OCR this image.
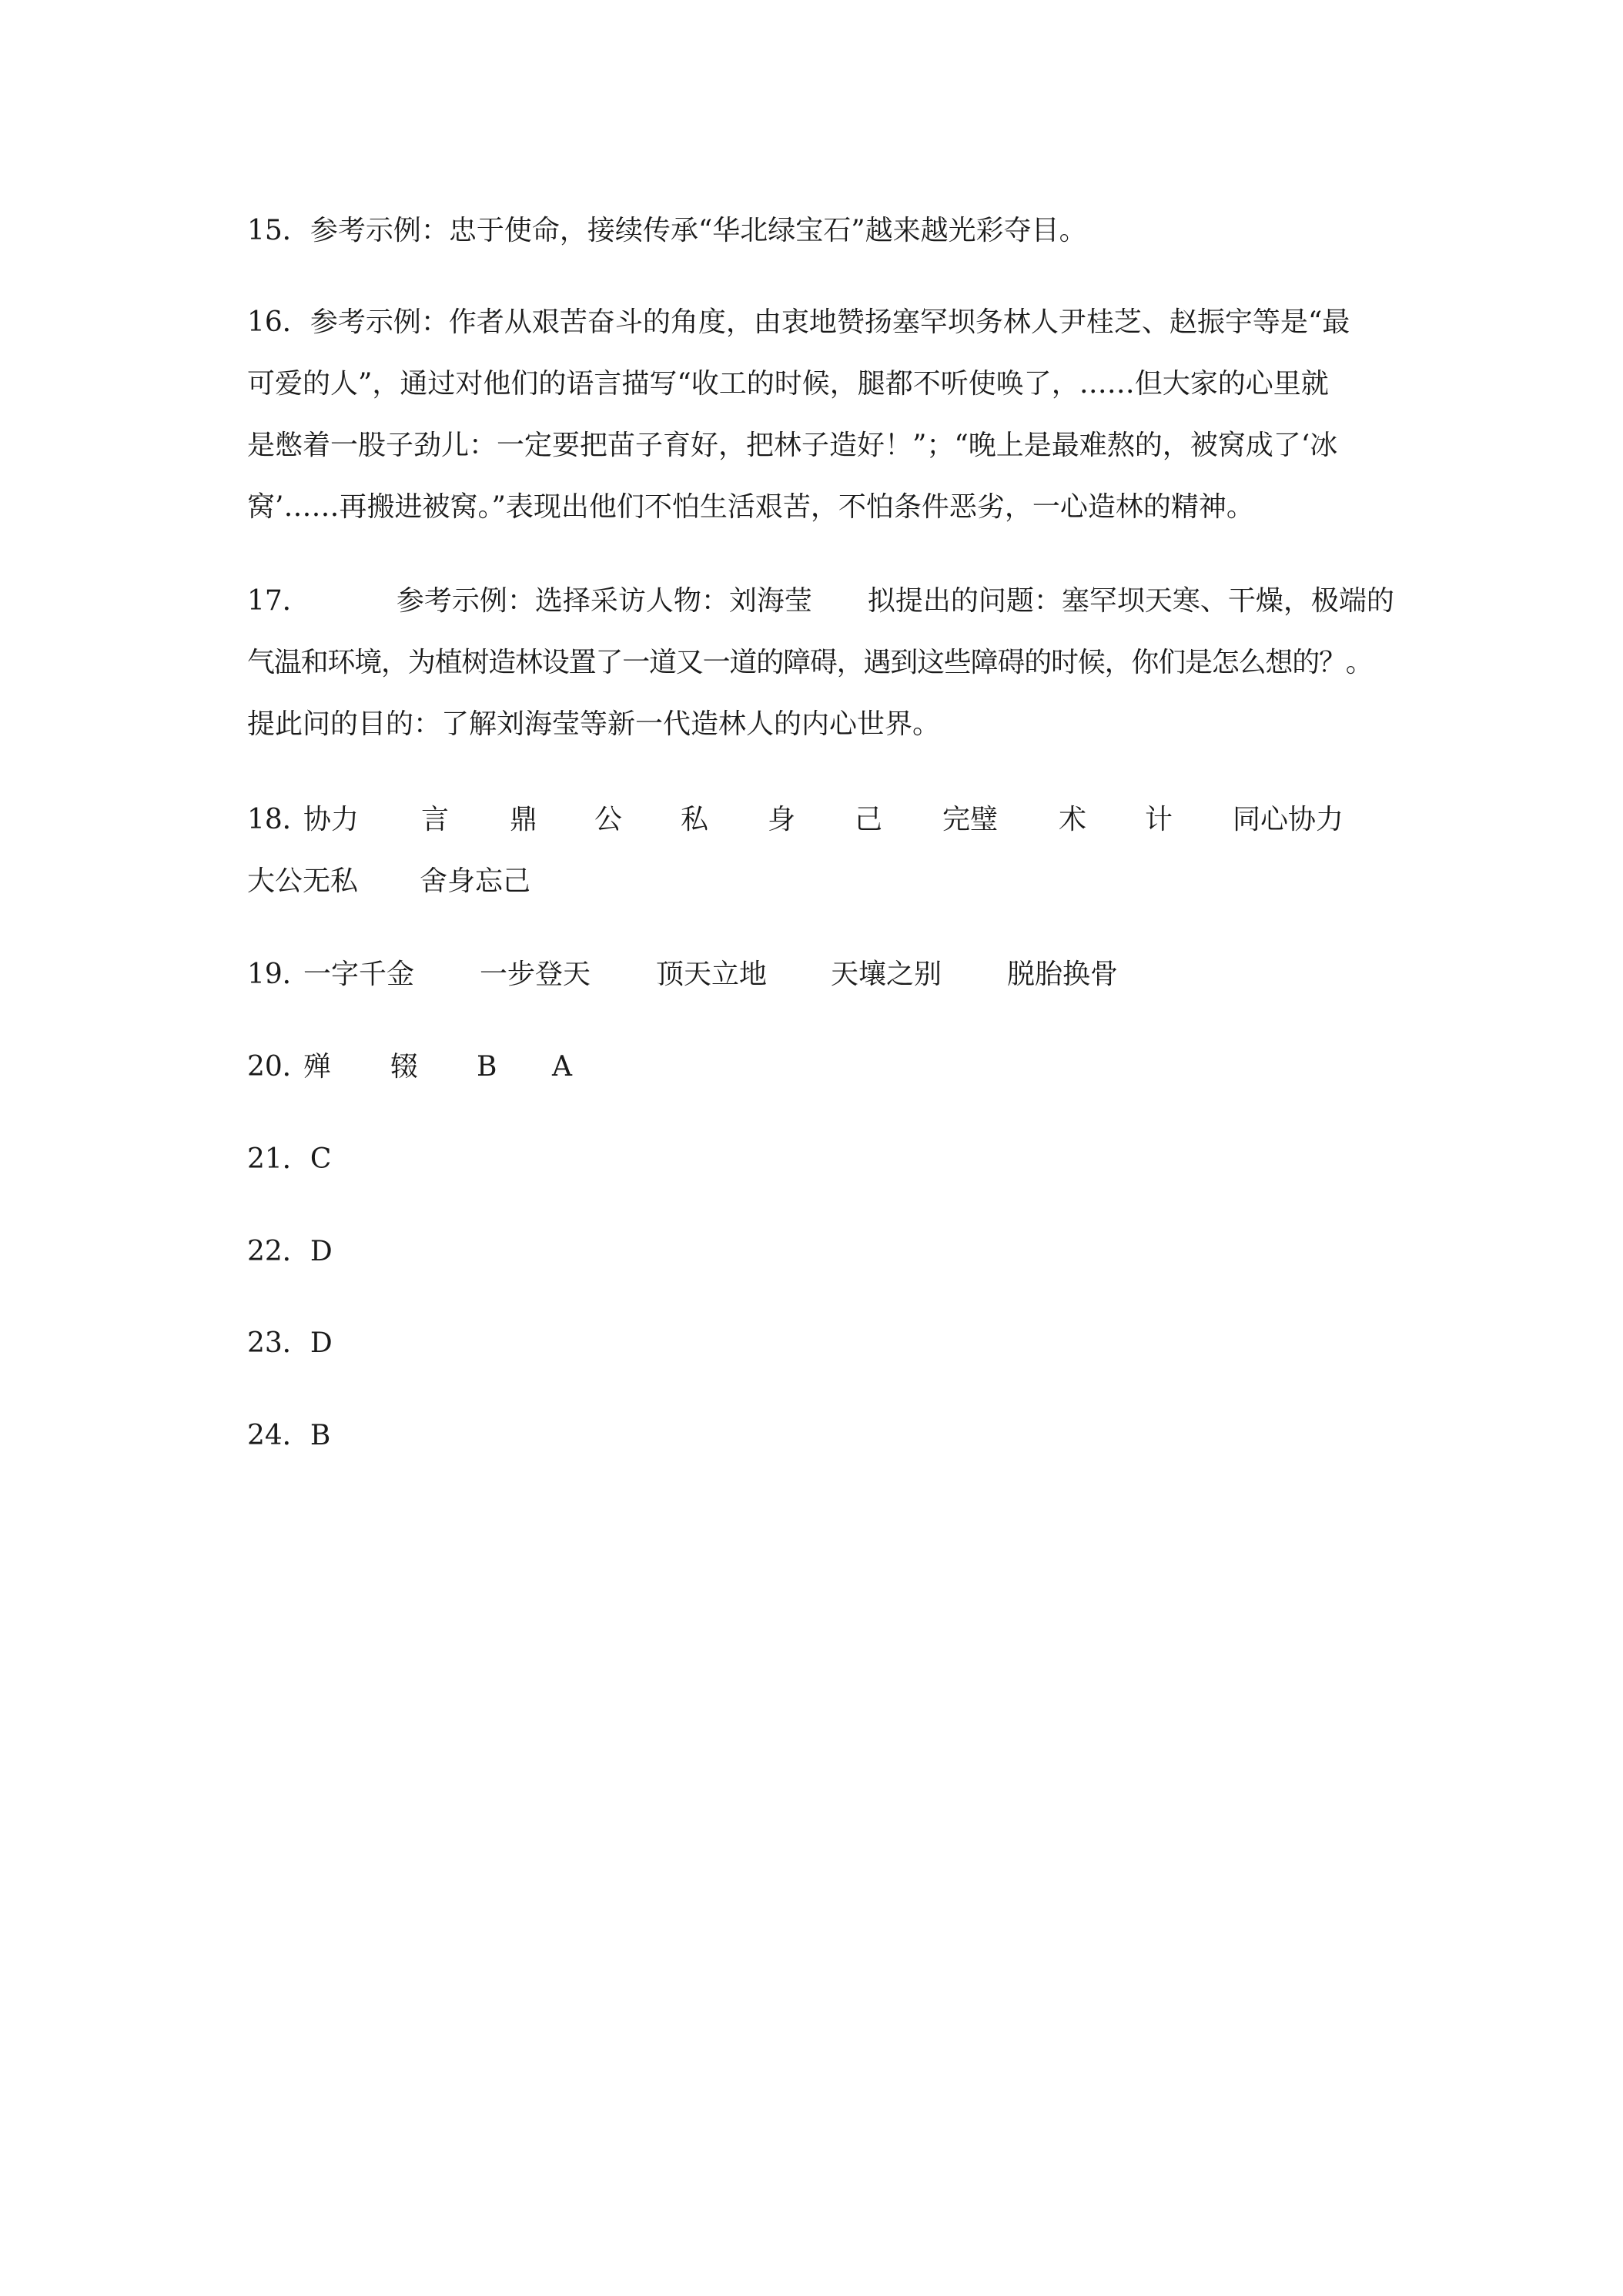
15．参考示例：忠于使命，接续传承“华北绿宝石”越来越光彩夺目。
16．参考示例：作者从艰苦奋斗的角度，由衷地赞扬塞罕坝务林人尹桂芝、赵振宇等是“最
可爱的人”，通过对他们的语言描写“收工的时候，腿都不听使唤了，……但大家的心里就
是憋着一股子劲儿：一定要把苗子育好，把林子造好！”；“晚上是最难熬的，被窝成了‘冰
窝’……再搬进被窝。”表现出他们不怕生活艰苦，不怕条件恶劣，一心造林的精神。
17．	参考示例：选择采访人物：刘海莹 拟提出的问题：塞罕坝天寒、干燥，极端的
气温和环境，为植树造林设置了一道又一道的障碍，遇到这些障碍的时候，你们是怎么想的？。
提此问的目的：了解刘海莹等新一代造林人的内心世界。
18．
协力 言 鼎 公 私 身 己 完璧 术 计 同心协力
大公无私 舍身忘己
19．
一字千金 一步登天 顶天立地 天壤之别 脱胎换骨
20．
殚 辍 B A
21．C
22．D
23．D
24．B
